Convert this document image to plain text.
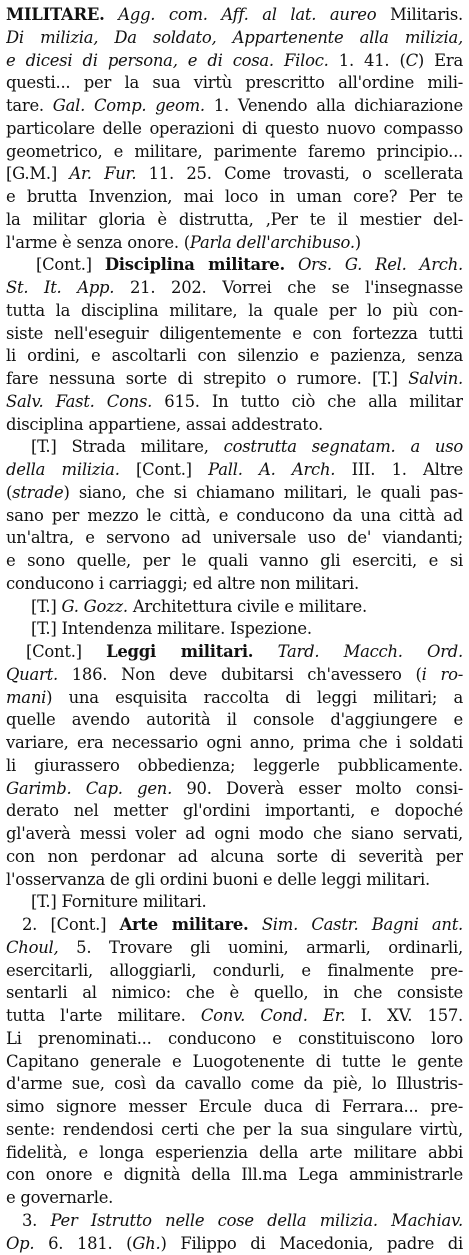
MILITARE. Agg. com. Aff. al lat. aureo Militaris.
Di milizia, Da soldato, Appartenente alla milizia,
e dicesi di persona, e di cosa. Filoc. 1. 41. (C) Era
questi... per la sua virtù prescritto all'ordine mili-
tare. Gal. Comp. geom. 1. Venendo alla dichiarazione
particolare delle operazioni di questo nuovo compasso
geometrico, e militare, parimente faremo principio...
[G.M.] Ar. Fur. 11. 25. Come trovasti, o scellerata
e brutta Invenzion, mai loco in uman core? Per te
la militar gloria è distrutta, ,Per te il mestier del-
l'arme è senza onore. (Parla dell'archibuso.)
[Cont.] Disciplina militare. Ors. G. Rel. Arch.
St. It. App. 21. 202. Vorrei che se l'insegnasse
tutta la disciplina militare, la quale per lo più con-
siste nell'eseguir diligentemente e con fortezza tutti
li ordini, e ascoltarli con silenzio e pazienza, senza
fare nessuna sorte di strepito o rumore. [T.] Salvin.
Salv. Fast. Cons. 615. In tutto ciò che alla militar
disciplina appartiene, assai addestrato.
[T.] Strada militare, costrutta segnatam. a uso
della milizia. [Cont.] Pall. A. Arch. III. 1. Altre
(strade) siano, che si chiamano militari, le quali pas-
sano per mezzo le città, e conducono da una città ad
un'altra, e servono ad universale uso de' viandanti;
e sono quelle, per le quali vanno gli eserciti, e si
conducono i carriaggi; ed altre non militari.
[T.] G. Gozz. Architettura civile e militare.
[T.] Intendenza militare. Ispezione.
[Cont.] Leggi militari. Tard. Macch. Ord.
Quart. 186. Non deve dubitarsi ch'avessero (i ro-
mani) una esquisita raccolta di leggi militari; a
quelle avendo autorità il console d'aggiungere e
variare, era necessario ogni anno, prima che i soldati
li giurassero obbedienza; leggerle pubblicamente.
Garimb. Cap. gen. 90. Doverà esser molto consi-
derato nel metter gl'ordini importanti, e dopoché
gl'averà messi voler ad ogni modo che siano servati,
con non perdonar ad alcuna sorte di severità per
l'osservanza de gli ordini buoni e delle leggi militari.
[T.] Forniture militari.
2. [Cont.] Arte militare. Sim. Castr. Bagni ant.
Choul, 5. Trovare gli uomini, armarli, ordinarli,
esercitarli, alloggiarli, condurli, e finalmente pre-
sentarli al nimico: che è quello, in che consiste
tutta l'arte militare. Conv. Cond. Er. I. XV. 157.
Li prenominati... conducono e constituiscono loro
Capitano generale e Luogotenente di tutte le gente
d'arme sue, così da cavallo come da piè, lo Illustris-
simo signore messer Ercule duca di Ferrara... pre-
sente: rendendosi certi che per la sua singulare virtù,
fidelità, e longa esperienzia della arte militare abbi
con onore e dignità della Ill.ma Lega amministrarle
e governarle.
3. Per Istrutto nelle cose della milizia. Machiav.
Op. 6. 181. (Gh.) Filippo di Macedonia, padre di
